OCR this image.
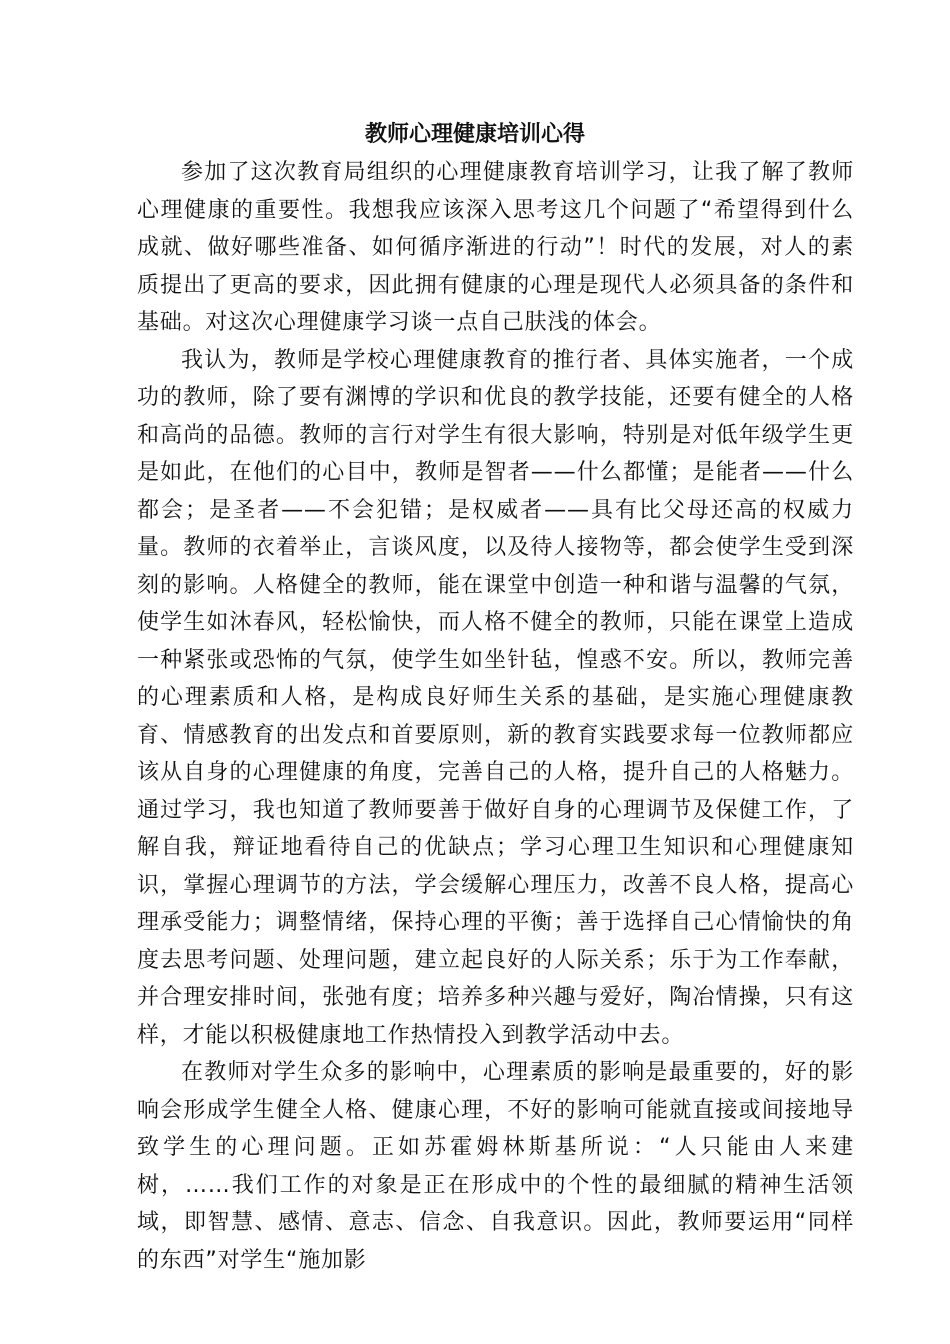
教师心理健康培训心得

参加了这次教育局组织的心理健康教育培训学习，让我了解了教师心理健康的重要性。我想我应该深入思考这几个问题了“希望得到什么成就、做好哪些准备、如何循序渐进的行动”！时代的发展，对人的素质提出了更高的要求，因此拥有健康的心理是现代人必须具备的条件和基础。对这次心理健康学习谈一点自己肤浅的体会。

我认为，教师是学校心理健康教育的推行者、具体实施者，一个成功的教师，除了要有渊博的学识和优良的教学技能，还要有健全的人格和高尚的品德。教师的言行对学生有很大影响，特别是对低年级学生更是如此，在他们的心目中，教师是智者——什么都懂；是能者——什么都会；是圣者——不会犯错；是权威者——具有比父母还高的权威力量。教师的衣着举止，言谈风度，以及待人接物等，都会使学生受到深刻的影响。人格健全的教师，能在课堂中创造一种和谐与温馨的气氛，使学生如沐春风，轻松愉快，而人格不健全的教师，只能在课堂上造成一种紧张或恐怖的气氛，使学生如坐针毡，惶惑不安。所以，教师完善的心理素质和人格，是构成良好师生关系的基础，是实施心理健康教育、情感教育的出发点和首要原则，新的教育实践要求每一位教师都应该从自身的心理健康的角度，完善自己的人格，提升自己的人格魅力。通过学习，我也知道了教师要善于做好自身的心理调节及保健工作，了解自我，辩证地看待自己的优缺点；学习心理卫生知识和心理健康知识，掌握心理调节的方法，学会缓解心理压力，改善不良人格，提高心理承受能力；调整情绪，保持心理的平衡；善于选择自己心情愉快的角度去思考问题、处理问题，建立起良好的人际关系；乐于为工作奉献，并合理安排时间，张弛有度；培养多种兴趣与爱好，陶冶情操，只有这样，才能以积极健康地工作热情投入到教学活动中去。

在教师对学生众多的影响中，心理素质的影响是最重要的，好的影响会形成学生健全人格、健康心理，不好的影响可能就直接或间接地导致学生的心理问题。正如苏霍姆林斯基所说：“人只能由人来建树，……我们工作的对象是正在形成中的个性的最细腻的精神生活领域，即智慧、感情、意志、信念、自我意识。因此，教师要运用“同样的东西”对学生“施加影
